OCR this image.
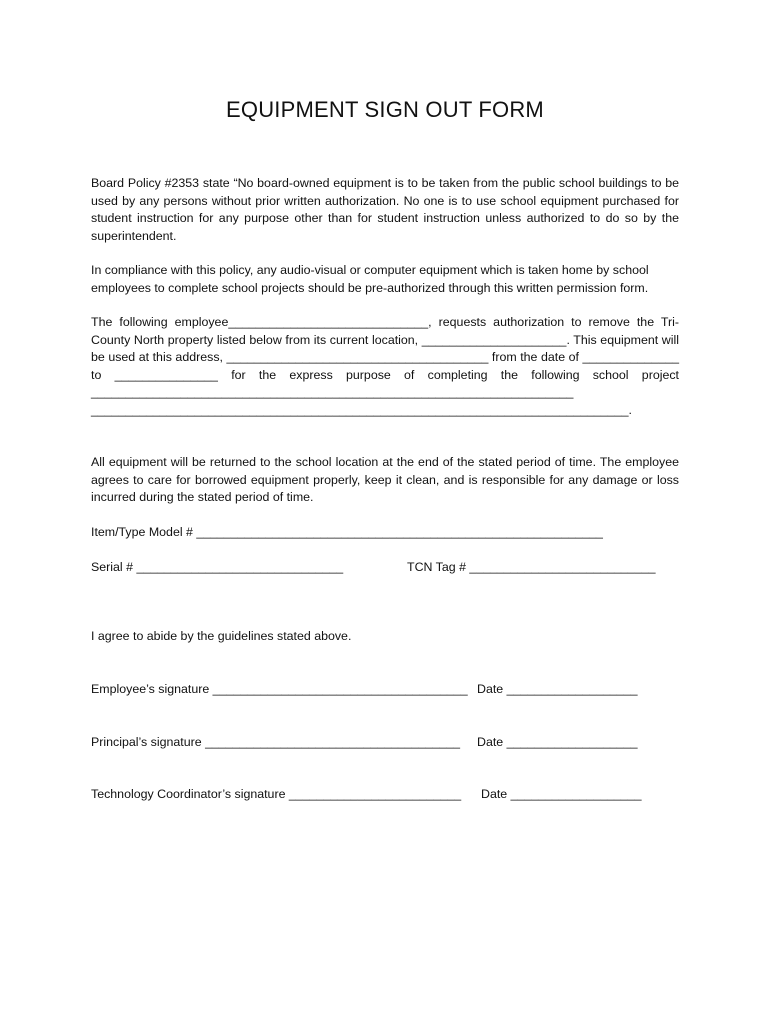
EQUIPMENT SIGN OUT FORM
Board Policy #2353 state “No board-owned equipment is to be taken from the public school buildings to be used by any persons without prior written authorization. No one is to use school equipment purchased for student instruction for any purpose other than for student instruction unless authorized to do so by the superintendent.
In compliance with this policy, any audio-visual or computer equipment which is taken home by school employees to complete school projects should be pre-authorized through this written permission form.
The following employee_____________________________, requests authorization to remove the Tri-County North property listed below from its current location, _____________________. This equipment will be used at this address, ______________________________________ from the date of ______________ to _______________ for the express purpose of completing the following school project ______________________________________________________________________ ______________________________________________________________________________.
All equipment will be returned to the school location at the end of the stated period of time. The employee agrees to care for borrowed equipment properly, keep it clean, and is responsible for any damage or loss incurred during the stated period of time.
Item/Type Model # ___________________________________________________________
Serial # ______________________________	TCN Tag # ___________________________
I agree to abide by the guidelines stated above.
Employee’s signature _____________________________________ Date ___________________
Principal’s signature _____________________________________ Date ___________________
Technology Coordinator’s signature _________________________ Date ___________________
